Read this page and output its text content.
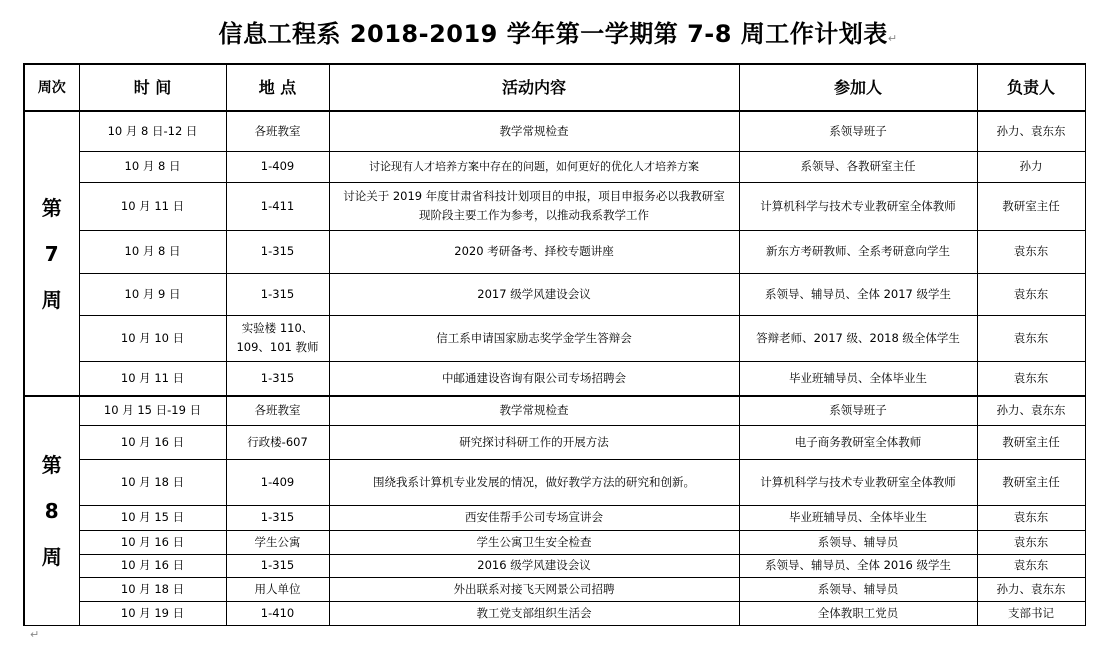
信息工程系 2018-2019 学年第一学期第 7-8 周工作计划表↵
周次	时 间	地 点	活动内容	参加人	负责人

第
7
周	10 月 8 日-12 日	各班教室	教学常规检查	系领导班子	孙力、袁东东
	10 月 8 日	1-409	讨论现有人才培养方案中存在的问题，如何更好的优化人才培养方案	系领导、各教研室主任	孙力
	10 月 11 日	1-411	讨论关于 2019 年度甘肃省科技计划项目的申报，项目申报务必以我教研室现阶段主要工作为参考，以推动我系教学工作	计算机科学与技术专业教研室全体教师	教研室主任
	10 月 8 日	1-315	2020 考研备考、择校专题讲座	新东方考研教师、全系考研意向学生	袁东东
	10 月 9 日	1-315	2017 级学风建设会议	系领导、辅导员、全体 2017 级学生	袁东东
	10 月 10 日	实验楼 110、109、101 教师	信工系申请国家励志奖学金学生答辩会	答辩老师、2017 级、2018 级全体学生	袁东东
	10 月 11 日	1-315	中邮通建设咨询有限公司专场招聘会	毕业班辅导员、全体毕业生	袁东东

第
8
周	10 月 15 日-19 日	各班教室	教学常规检查	系领导班子	孙力、袁东东
	10 月 16 日	行政楼-607	研究探讨科研工作的开展方法	电子商务教研室全体教师	教研室主任
	10 月 18 日	1-409	围绕我系计算机专业发展的情况，做好教学方法的研究和创新。	计算机科学与技术专业教研室全体教师	教研室主任
	10 月 15 日	1-315	西安佳帮手公司专场宣讲会	毕业班辅导员、全体毕业生	袁东东
	10 月 16 日	学生公寓	学生公寓卫生安全检查	系领导、辅导员	袁东东
	10 月 16 日	1-315	2016 级学风建设会议	系领导、辅导员、全体 2016 级学生	袁东东
	10 月 18 日	用人单位	外出联系对接飞天网景公司招聘	系领导、辅导员	孙力、袁东东
	10 月 19 日	1-410	教工党支部组织生活会	全体教职工党员	支部书记
↵
